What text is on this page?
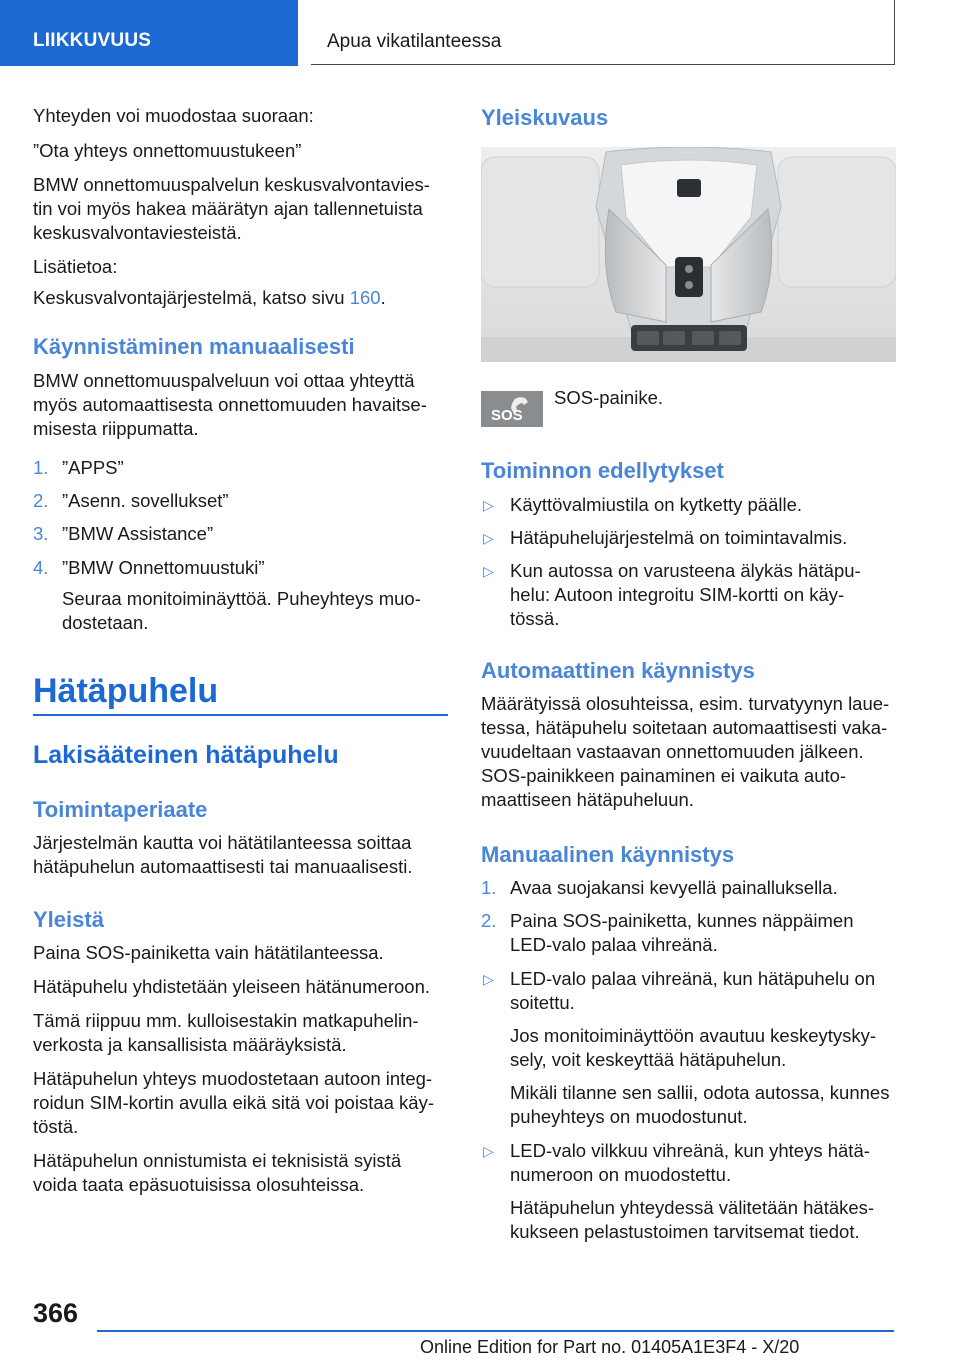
LIIKKUVUUS	Apua vikatilanteessa

Yhteyden voi muodostaa suoraan:

”Ota yhteys onnettomuustukeen”

BMW onnettomuuspalvelun keskusvalvontavies‐

tin voi myös hakea määrätyn ajan tallennetuista

keskusvalvontaviesteistä.

Lisätietoa:

Keskusvalvontajärjestelmä, katso sivu 160.

Käynnistäminen manuaalisesti

BMW onnettomuuspalveluun voi ottaa yhteyttä

myös automaattisesta onnettomuuden havaitse‐

misesta riippumatta.

1. ”APPS”
2. ”Asenn. sovellukset”
3. ”BMW Assistance”
4. ”BMW Onnettomuustuki”
Seuraa monitoiminäyttöä. Puheyhteys muo‐
dostetaan.
Hätäpuhelu
Lakisääteinen hätäpuhelu
Toimintaperiaate

Järjestelmän kautta voi hätätilanteessa soittaa

hätäpuhelun automaattisesti tai manuaalisesti.

Yleistä

Paina SOS-painiketta vain hätätilanteessa.

Hätäpuhelu yhdistetään yleiseen hätänumeroon.

Tämä riippuu mm. kulloisestakin matkapuhelin‐

verkosta ja kansallisista määräyksistä.

Hätäpuhelun yhteys muodostetaan autoon integ‐

roidun SIM-kortin avulla eikä sitä voi poistaa käy‐

töstä.

Hätäpuhelun onnistumista ei teknisistä syistä

voida taata epäsuotuisissa olosuhteissa.

Yleiskuvaus
SOS

SOS-painike.

Toiminnon edellytykset
▷ Käyttövalmiustila on kytketty päälle.
▷ Hätäpuhelujärjestelmä on toimintavalmis.
▷ Kun autossa on varusteena älykäs hätäpu‐
helu: Autoon integroitu SIM-kortti on käy‐
tössä.
Automaattinen käynnistys

Määrätyissä olosuhteissa, esim. turvatyynyn laue‐

tessa, hätäpuhelu soitetaan automaattisesti vaka‐

vuudeltaan vastaavan onnettomuuden jälkeen.

SOS-painikkeen painaminen ei vaikuta auto‐

maattiseen hätäpuheluun.

Manuaalinen käynnistys
1. Avaa suojakansi kevyellä painalluksella.
2. Paina SOS-painiketta, kunnes näppäimen
LED-valo palaa vihreänä.
▷ LED-valo palaa vihreänä, kun hätäpuhelu on
soitettu.
Jos monitoiminäyttöön avautuu keskeytysky‐
sely, voit keskeyttää hätäpuhelun.
Mikäli tilanne sen sallii, odota autossa, kunnes
puheyhteys on muodostunut.
▷ LED-valo vilkkuu vihreänä, kun yhteys hätä‐
numeroon on muodostettu.
Hätäpuhelun yhteydessä välitetään hätäkes‐
kukseen pelastustoimen tarvitsemat tiedot.
366
Online Edition for Part no. 01405A1E3F4 - X/20
